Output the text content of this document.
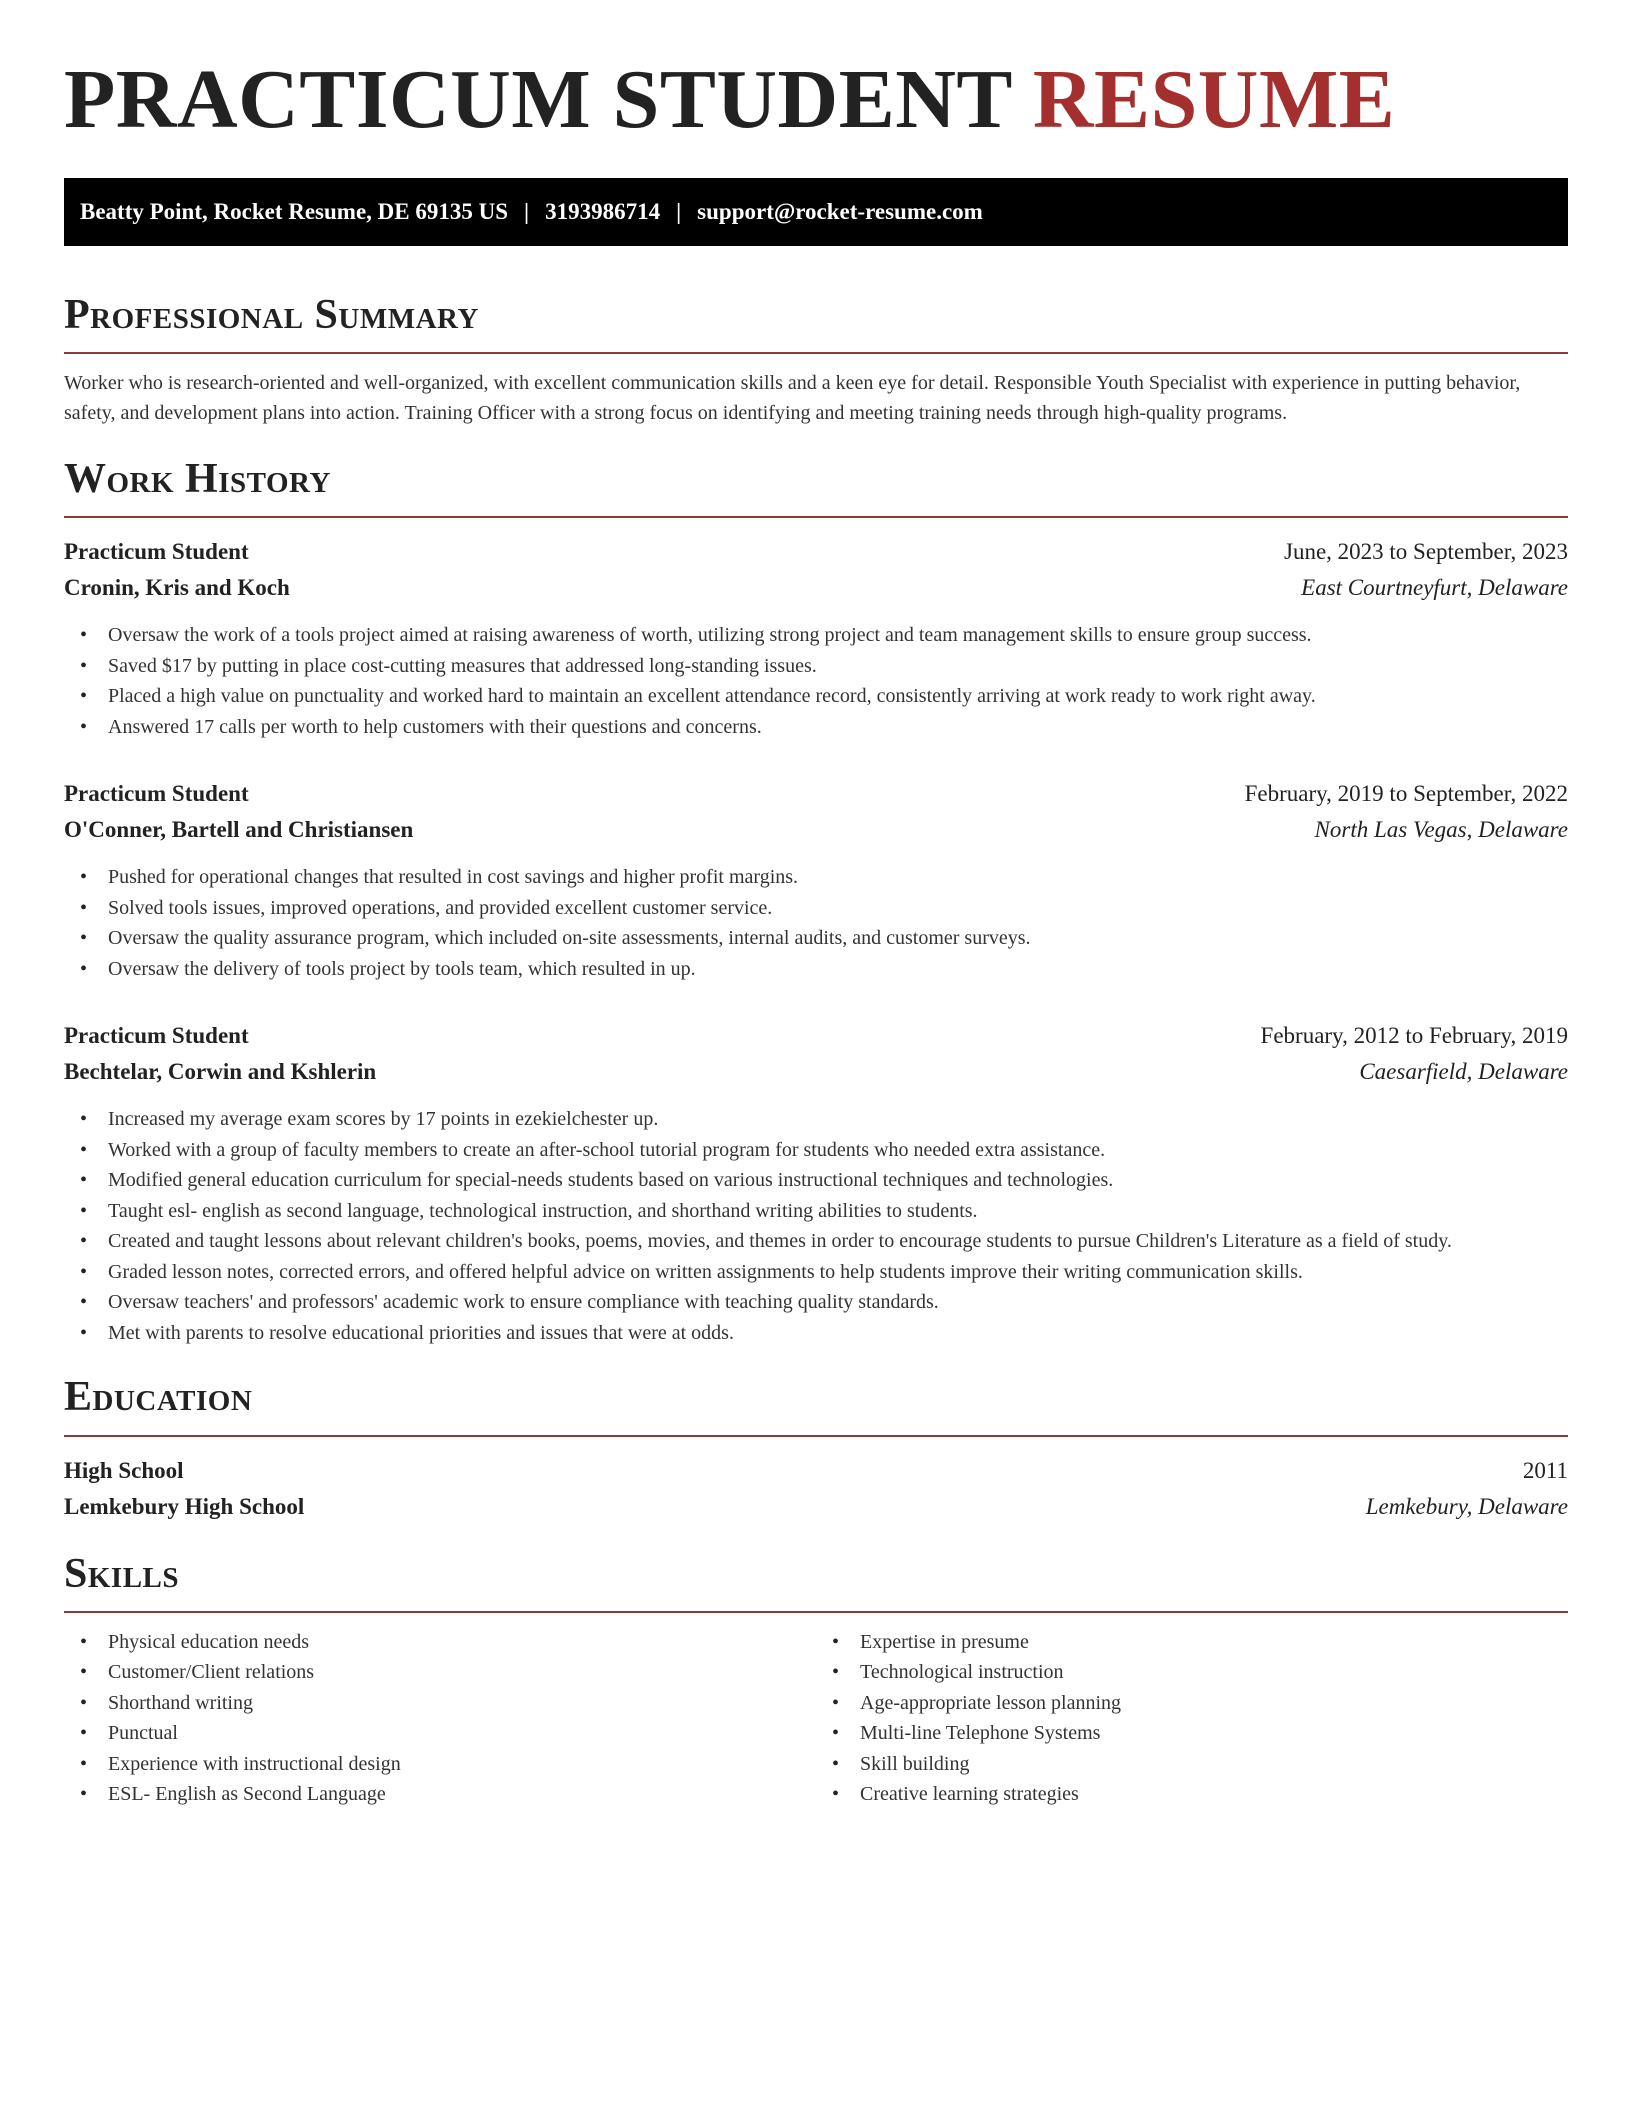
PRACTICUM STUDENT RESUME
Beatty Point, Rocket Resume, DE 69135 US | 3193986714 | support@rocket-resume.com
Professional Summary

Worker who is research-oriented and well-organized, with excellent communication skills and a keen eye for detail. Responsible Youth Specialist with experience in putting behavior, safety, and development plans into action. Training Officer with a strong focus on identifying and meeting training needs through high-quality programs.

Work History
Practicum Student	June, 2023 to September, 2023
Cronin, Kris and Koch	East Courtneyfurt, Delaware
• Oversaw the work of a tools project aimed at raising awareness of worth, utilizing strong project and team management skills to ensure group success.
• Saved $17 by putting in place cost-cutting measures that addressed long-standing issues.
• Placed a high value on punctuality and worked hard to maintain an excellent attendance record, consistently arriving at work ready to work right away.
• Answered 17 calls per worth to help customers with their questions and concerns.
Practicum Student	February, 2019 to September, 2022
O'Conner, Bartell and Christiansen	North Las Vegas, Delaware
• Pushed for operational changes that resulted in cost savings and higher profit margins.
• Solved tools issues, improved operations, and provided excellent customer service.
• Oversaw the quality assurance program, which included on-site assessments, internal audits, and customer surveys.
• Oversaw the delivery of tools project by tools team, which resulted in up.
Practicum Student	February, 2012 to February, 2019
Bechtelar, Corwin and Kshlerin	Caesarfield, Delaware
• Increased my average exam scores by 17 points in ezekielchester up.
• Worked with a group of faculty members to create an after-school tutorial program for students who needed extra assistance.
• Modified general education curriculum for special-needs students based on various instructional techniques and technologies.
• Taught esl- english as second language, technological instruction, and shorthand writing abilities to students.
• Created and taught lessons about relevant children's books, poems, movies, and themes in order to encourage students to pursue Children's Literature as a field of study.
• Graded lesson notes, corrected errors, and offered helpful advice on written assignments to help students improve their writing communication skills.
• Oversaw teachers' and professors' academic work to ensure compliance with teaching quality standards.
• Met with parents to resolve educational priorities and issues that were at odds.
Education
High School	2011
Lemkebury High School	Lemkebury, Delaware
Skills
• Physical education needs
• Customer/Client relations
• Shorthand writing
• Punctual
• Experience with instructional design
• ESL- English as Second Language
• Expertise in presume
• Technological instruction
• Age-appropriate lesson planning
• Multi-line Telephone Systems
• Skill building
• Creative learning strategies
